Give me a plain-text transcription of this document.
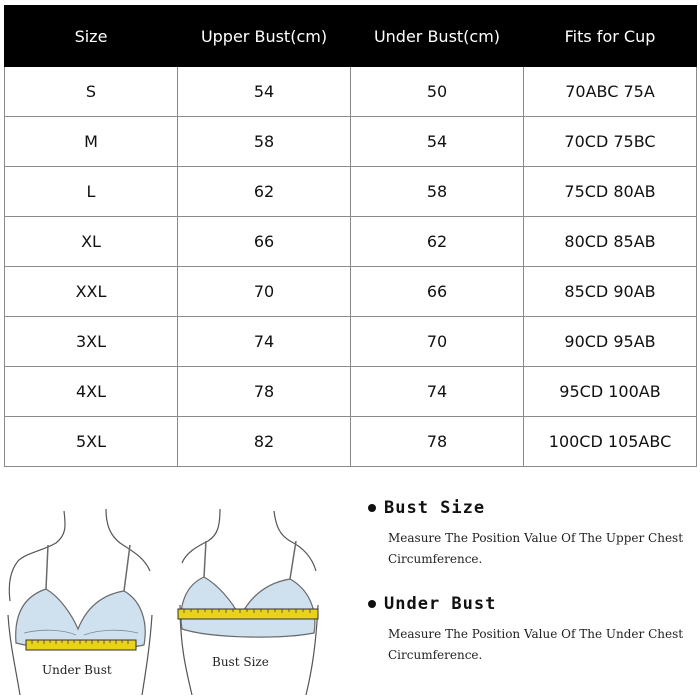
Size	Upper Bust(cm)	Under Bust(cm)	Fits for Cup
S	54	50	70ABC 75A
M	58	54	70CD 75BC
L	62	58	75CD 80AB
XL	66	62	80CD 85AB
XXL	70	66	85CD 90AB
3XL	74	70	90CD 95AB
4XL	78	74	95CD 100AB
5XL	82	78	100CD 105ABC
Under Bust
Bust Size
Bust Size
Measure The Position Value Of The Upper Chest Circumference.
Under Bust
Measure The Position Value Of The Under Chest Circumference.
